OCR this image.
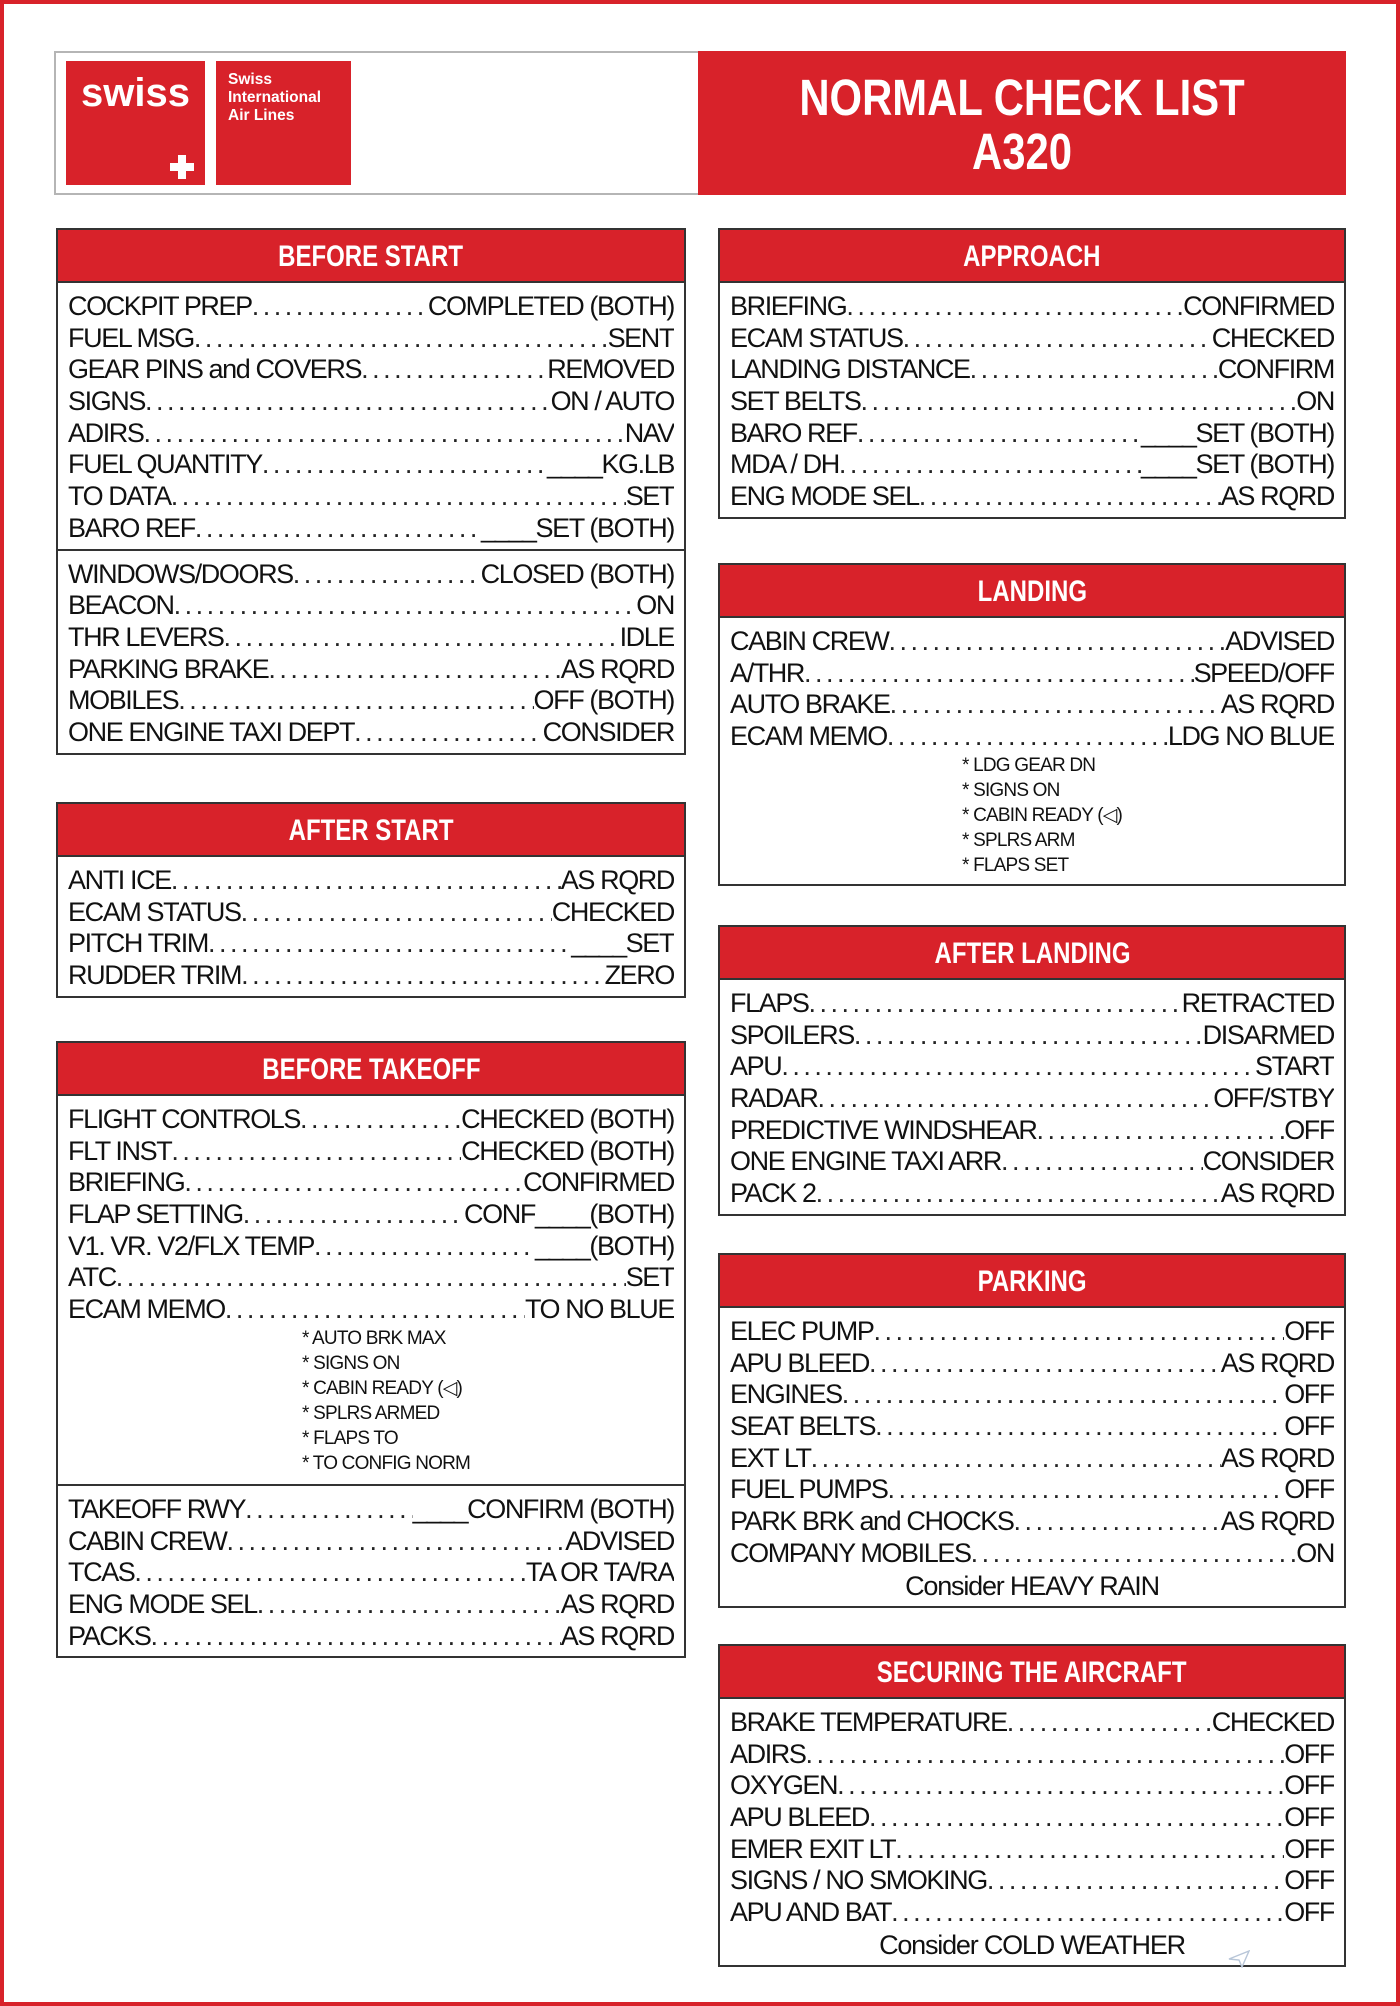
swiss	Swiss
International
Air Lines	NORMAL CHECK LIST
A320
BEFORE START
COCKPIT PREP . . .	COMPLETED (BOTH)
FUEL MSG . . .	SENT
GEAR PINS and COVERS . . .	REMOVED
SIGNS . . .	ON / AUTO
ADIRS . . .	NAV
FUEL QUANTITY . . .	____KG.LB
TO DATA . . .	SET
BARO REF . . .	____SET (BOTH)
WINDOWS/DOORS . . .	CLOSED (BOTH)
BEACON . . .	ON
THR LEVERS . . .	IDLE
PARKING BRAKE . . .	AS RQRD
MOBILES . . .	OFF (BOTH)
ONE ENGINE TAXI DEPT . . .	CONSIDER
AFTER START
ANTI ICE . . .	AS RQRD
ECAM STATUS . . .	CHECKED
PITCH TRIM . . .	____SET
RUDDER TRIM . . .	ZERO
BEFORE TAKEOFF
FLIGHT CONTROLS . . .	CHECKED (BOTH)
FLT INST . . .	CHECKED (BOTH)
BRIEFING . . .	CONFIRMED
FLAP SETTING . . .	CONF____(BOTH)
V1. VR. V2/FLX TEMP . . .	____(BOTH)
ATC . . .	SET
ECAM MEMO . . .	TO NO BLUE
* AUTO BRK MAX
* SIGNS ON
* CABIN READY (◁)
* SPLRS ARMED
* FLAPS TO
* TO CONFIG NORM
TAKEOFF RWY . . .	____CONFIRM (BOTH)
CABIN CREW . . .	ADVISED
TCAS . . .	TA OR TA/RA
ENG MODE SEL . . .	AS RQRD
PACKS . . .	AS RQRD
APPROACH
BRIEFING . . .	CONFIRMED
ECAM STATUS . . .	CHECKED
LANDING DISTANCE . . .	CONFIRM
SET BELTS . . .	ON
BARO REF . . .	____SET (BOTH)
MDA / DH . . .	____SET (BOTH)
ENG MODE SEL . . .	AS RQRD
LANDING
CABIN CREW . . .	ADVISED
A/THR . . .	SPEED/OFF
AUTO BRAKE . . .	AS RQRD
ECAM MEMO . . .	LDG NO BLUE
* LDG GEAR DN
* SIGNS ON
* CABIN READY (◁)
* SPLRS ARM
* FLAPS SET
AFTER LANDING
FLAPS . . .	RETRACTED
SPOILERS . . .	DISARMED
APU . . .	START
RADAR . . .	OFF/STBY
PREDICTIVE WINDSHEAR . . .	OFF
ONE ENGINE TAXI ARR . . .	CONSIDER
PACK 2 . . .	AS RQRD
PARKING
ELEC PUMP . . .	OFF
APU BLEED . . .	AS RQRD
ENGINES . . .	OFF
SEAT BELTS . . .	OFF
EXT LT . . .	AS RQRD
FUEL PUMPS . . .	OFF
PARK BRK and CHOCKS . . .	AS RQRD
COMPANY MOBILES . . .	ON
Consider HEAVY RAIN
SECURING THE AIRCRAFT
BRAKE TEMPERATURE . . .	CHECKED
ADIRS . . .	OFF
OXYGEN . . .	OFF
APU BLEED . . .	OFF
EMER EXIT LT . . .	OFF
SIGNS / NO SMOKING . . .	OFF
APU AND BAT . . .	OFF
Consider COLD WEATHER
